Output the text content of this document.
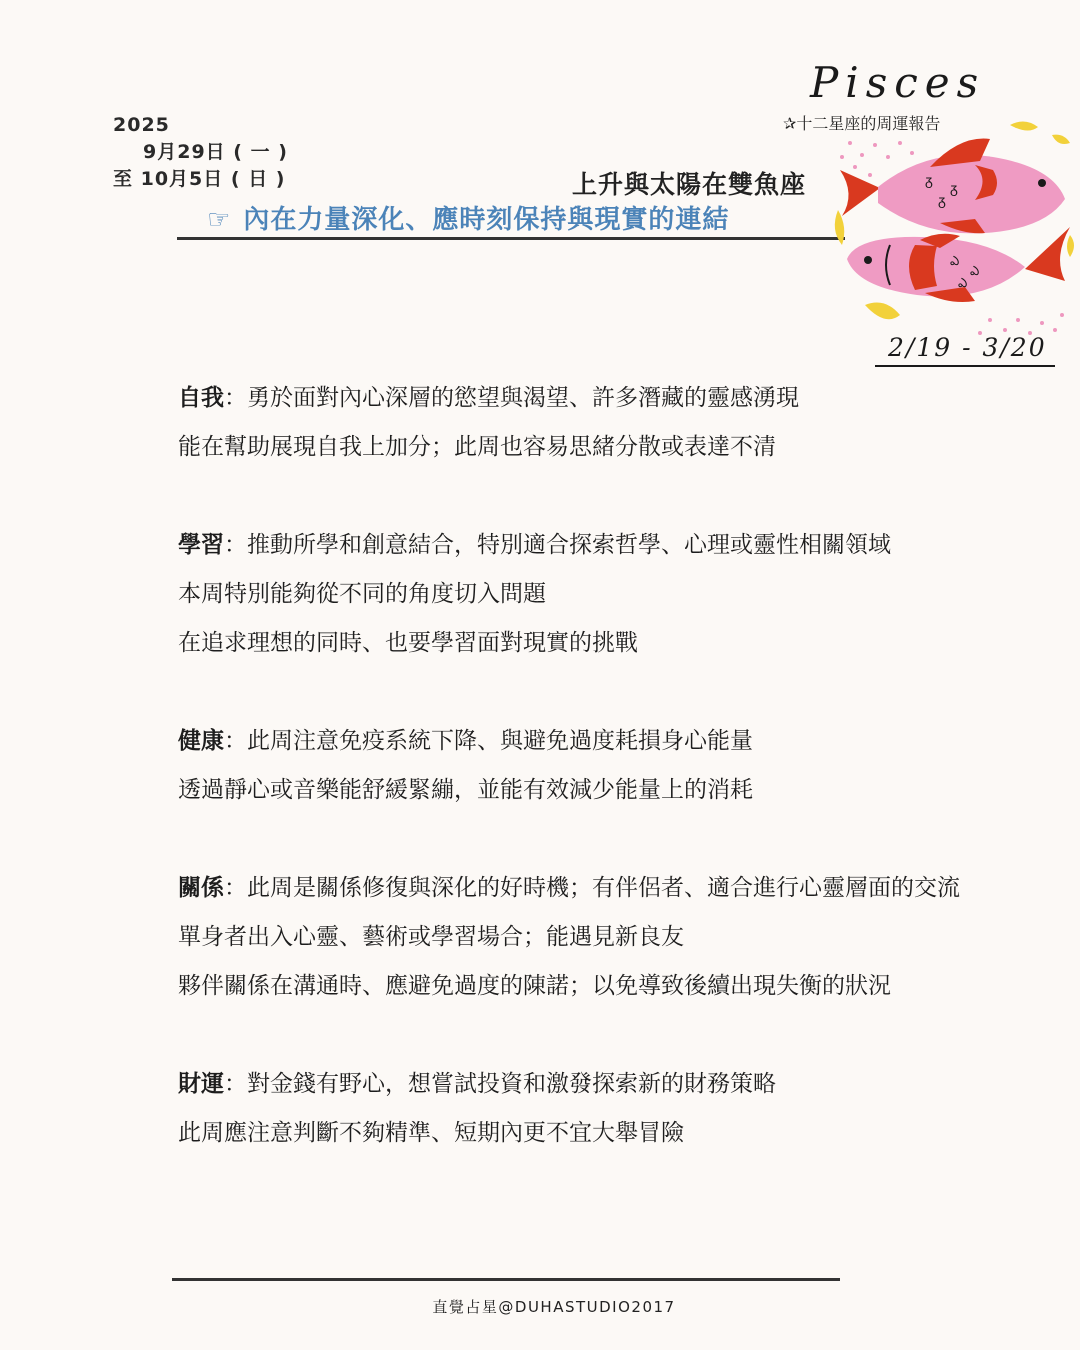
2025
9月29日 ( 一 )
至 10月5日 ( 日 )	上升與太陽在雙魚座
☞ 內在力量深化、應時刻保持與現實的連結
Pisces
✰十二星座的周運報告
ᵹ ᵹ
ᵹ
ఎ
ఎ
ఎ
2/19 - 3/20
自我：勇於面對內心深層的慾望與渴望、許多潛藏的靈感湧現
能在幫助展現自我上加分；此周也容易思緒分散或表達不清
學習：推動所學和創意結合，特別適合探索哲學、心理或靈性相關領域
本周特別能夠從不同的角度切入問題
在追求理想的同時、也要學習面對現實的挑戰
健康：此周注意免疫系統下降、與避免過度耗損身心能量
透過靜心或音樂能舒緩緊繃，並能有效減少能量上的消耗
關係：此周是關係修復與深化的好時機；有伴侶者、適合進行心靈層面的交流
單身者出入心靈、藝術或學習場合；能遇見新良友
夥伴關係在溝通時、應避免過度的陳諾；以免導致後續出現失衡的狀況
財運：對金錢有野心，想嘗試投資和激發探索新的財務策略
此周應注意判斷不夠精準、短期內更不宜大舉冒險
直覺占星@DUHASTUDIO2017
